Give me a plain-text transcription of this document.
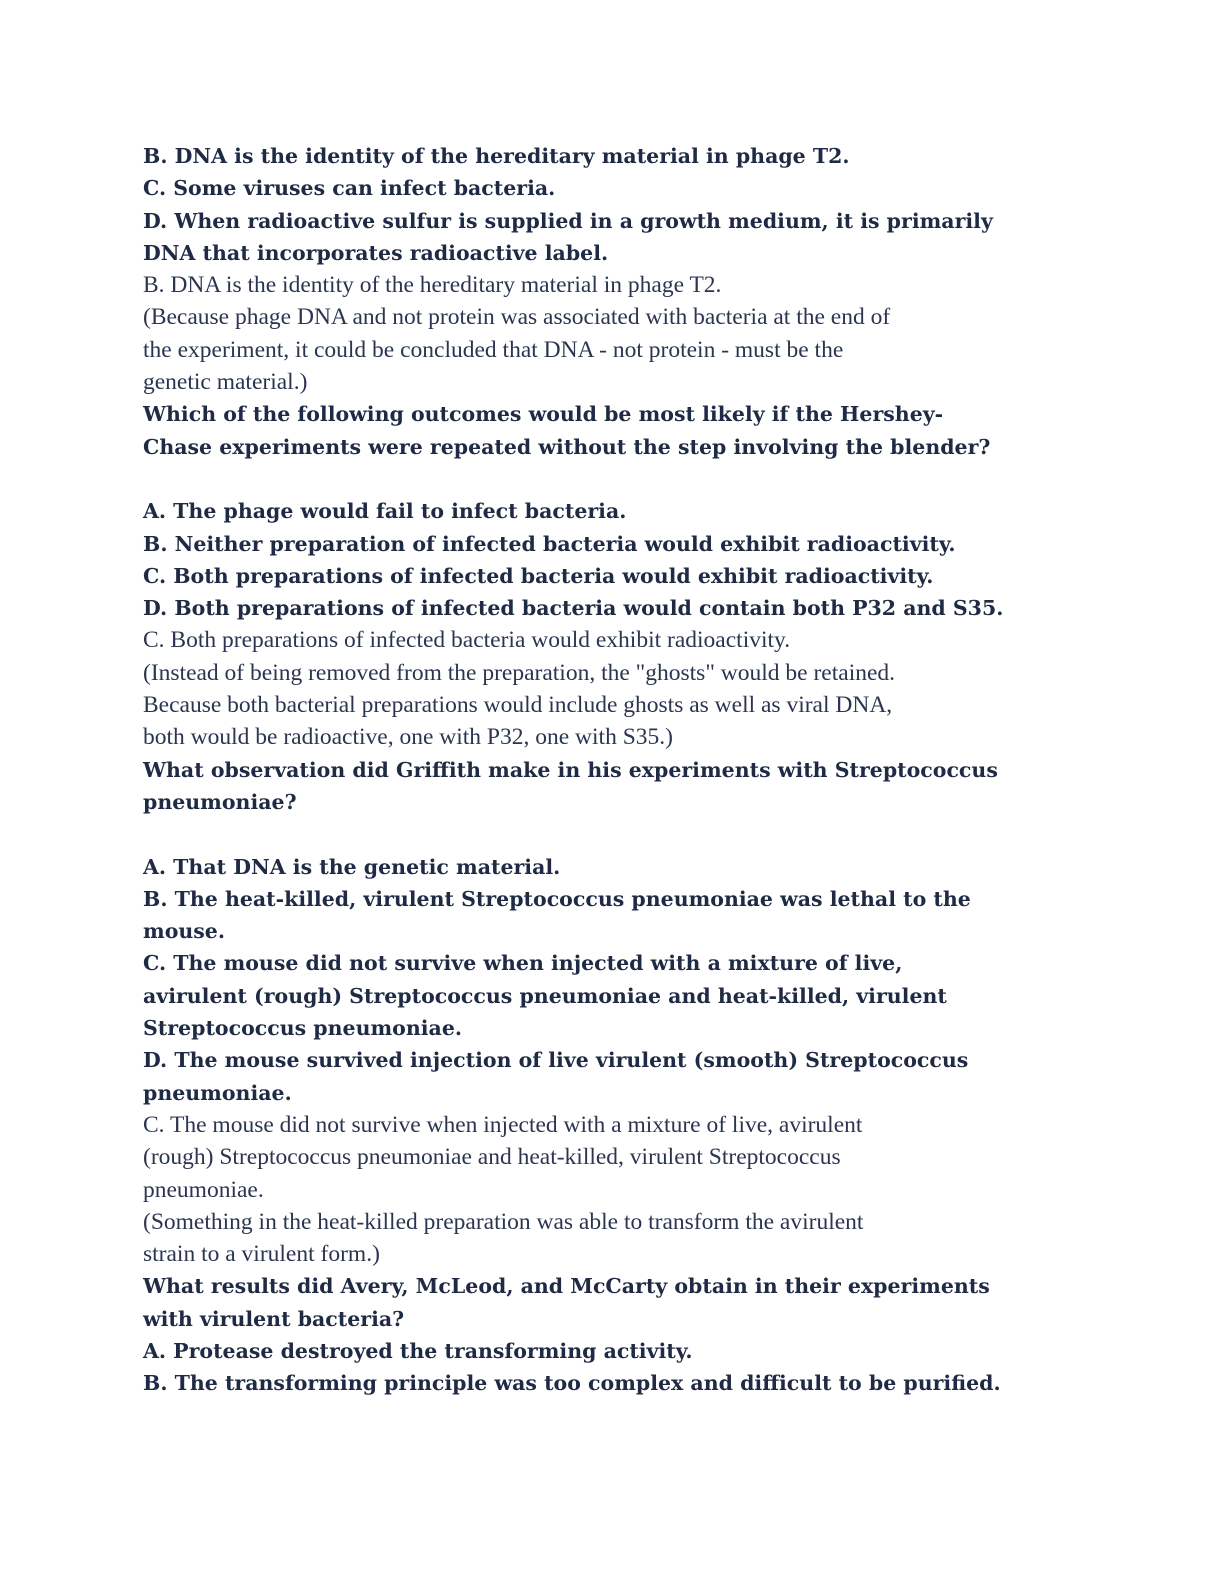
B. DNA is the identity of the hereditary material in phage T2.
C. Some viruses can infect bacteria.
D. When radioactive sulfur is supplied in a growth medium, it is primarily
DNA that incorporates radioactive label.
B. DNA is the identity of the hereditary material in phage T2.
(Because phage DNA and not protein was associated with bacteria at the end of
the experiment, it could be concluded that DNA - not protein - must be the
genetic material.)
Which of the following outcomes would be most likely if the Hershey-
Chase experiments were repeated without the step involving the blender?
A. The phage would fail to infect bacteria.
B. Neither preparation of infected bacteria would exhibit radioactivity.
C. Both preparations of infected bacteria would exhibit radioactivity.
D. Both preparations of infected bacteria would contain both P32 and S35.
C. Both preparations of infected bacteria would exhibit radioactivity.
(Instead of being removed from the preparation, the "ghosts" would be retained.
Because both bacterial preparations would include ghosts as well as viral DNA,
both would be radioactive, one with P32, one with S35.)
What observation did Griffith make in his experiments with Streptococcus
pneumoniae?
A. That DNA is the genetic material.
B. The heat-killed, virulent Streptococcus pneumoniae was lethal to the
mouse.
C. The mouse did not survive when injected with a mixture of live,
avirulent (rough) Streptococcus pneumoniae and heat-killed, virulent
Streptococcus pneumoniae.
D. The mouse survived injection of live virulent (smooth) Streptococcus
pneumoniae.
C. The mouse did not survive when injected with a mixture of live, avirulent
(rough) Streptococcus pneumoniae and heat-killed, virulent Streptococcus
pneumoniae.
(Something in the heat-killed preparation was able to transform the avirulent
strain to a virulent form.)
What results did Avery, McLeod, and McCarty obtain in their experiments
with virulent bacteria?
A. Protease destroyed the transforming activity.
B. The transforming principle was too complex and difficult to be purified.
